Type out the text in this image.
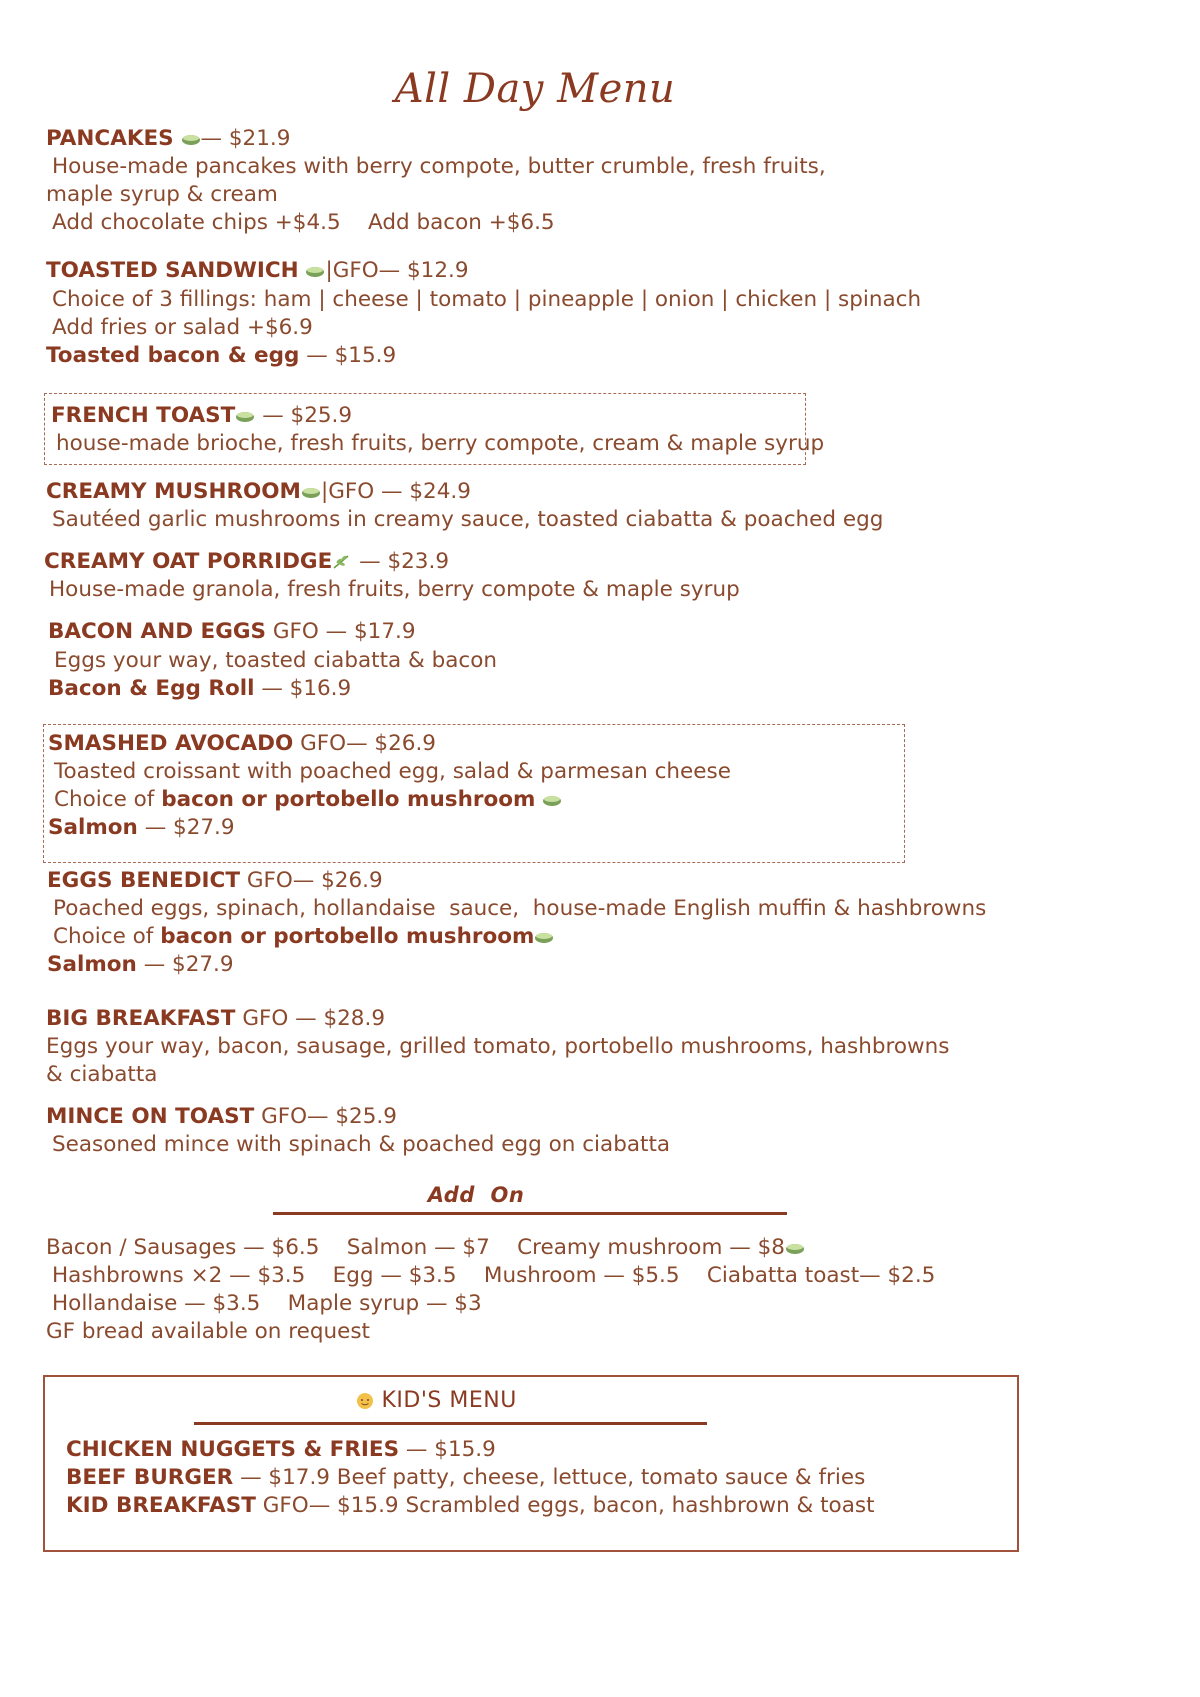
All Day Menu
PANCAKES — $21.9
House-made pancakes with berry compote, butter crumble, fresh fruits,
maple syrup & cream
Add chocolate chips +$4.5    Add bacon +$6.5
TOASTED SANDWICH |GFO— $12.9
Choice of 3 fillings: ham | cheese | tomato | pineapple | onion | chicken | spinach
Add fries or salad +$6.9
Toasted bacon & egg — $15.9
FRENCH TOAST — $25.9
house-made brioche, fresh fruits, berry compote, cream & maple syrup
CREAMY MUSHROOM |GFO — $24.9
Sautéed garlic mushrooms in creamy sauce, toasted ciabatta & poached egg
CREAMY OAT PORRIDGE — $23.9
House-made granola, fresh fruits, berry compote & maple syrup
BACON AND EGGS GFO — $17.9
Eggs your way, toasted ciabatta & bacon
Bacon & Egg Roll — $16.9
SMASHED AVOCADO GFO— $26.9
Toasted croissant with poached egg, salad & parmesan cheese
Choice of bacon or portobello mushroom
Salmon — $27.9
EGGS BENEDICT GFO— $26.9
Poached eggs, spinach, hollandaise  sauce,  house-made English muffin & hashbrowns
Choice of bacon or portobello mushroom
Salmon — $27.9
BIG BREAKFAST GFO — $28.9
Eggs your way, bacon, sausage, grilled tomato, portobello mushrooms, hashbrowns
& ciabatta
MINCE ON TOAST GFO— $25.9
Seasoned mince with spinach & poached egg on ciabatta
Add  On
Bacon / Sausages — $6.5    Salmon — $7    Creamy mushroom — $8
Hashbrowns ×2 — $3.5    Egg — $3.5    Mushroom — $5.5    Ciabatta toast— $2.5
Hollandaise — $3.5    Maple syrup — $3
GF bread available on request
KID'S MENU
CHICKEN NUGGETS & FRIES — $15.9
BEEF BURGER — $17.9 Beef patty, cheese, lettuce, tomato sauce & fries
KID BREAKFAST GFO— $15.9 Scrambled eggs, bacon, hashbrown & toast
